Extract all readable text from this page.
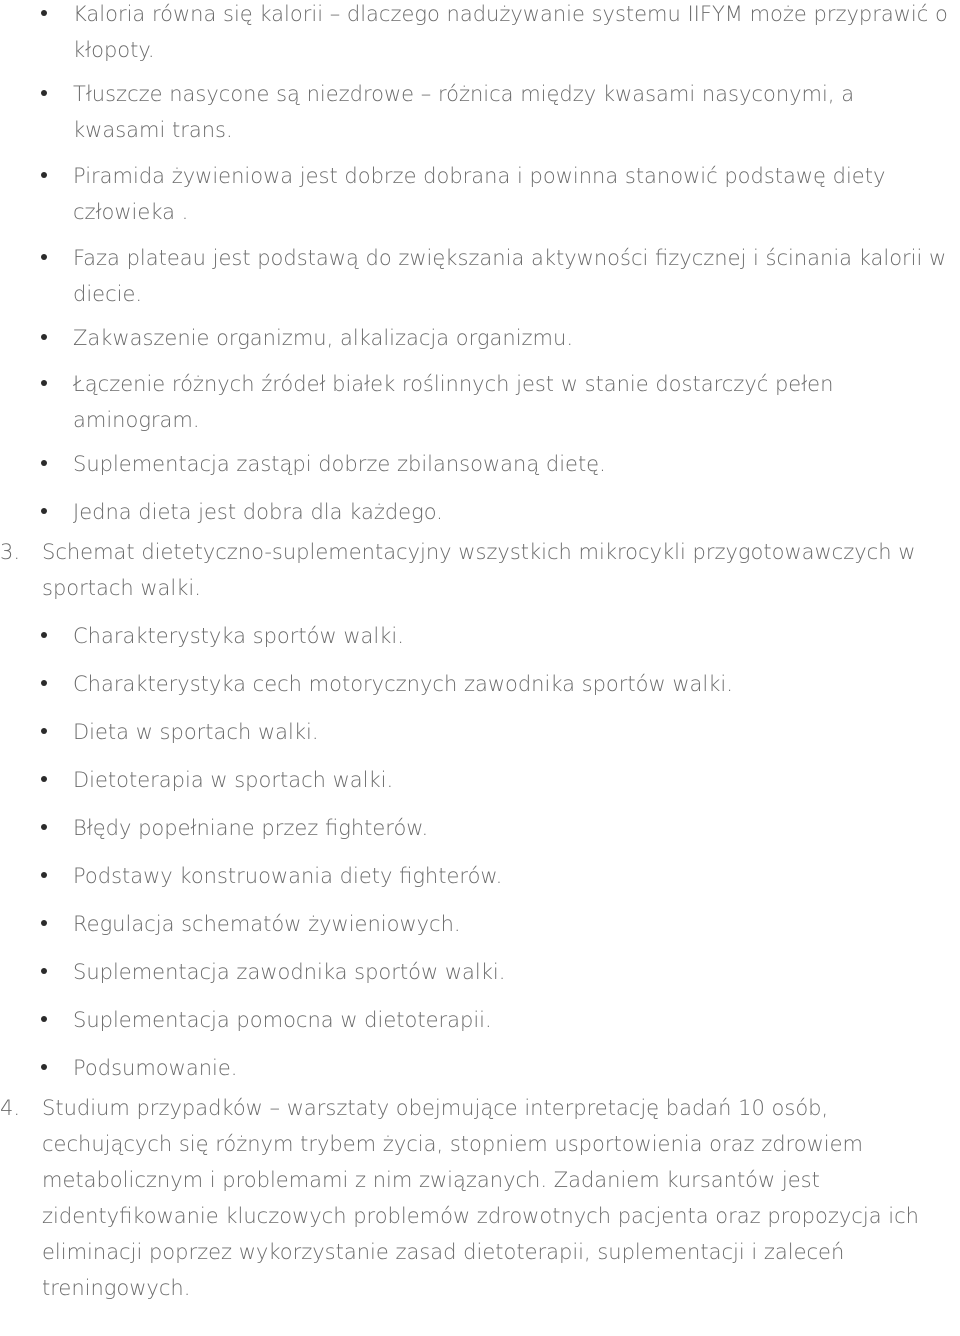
Kaloria równa się kalorii – dlaczego nadużywanie systemu IIFYM może przyprawić o kłopoty.
Tłuszcze nasycone są niezdrowe – różnica między kwasami nasyconymi, a kwasami trans.
Piramida żywieniowa jest dobrze dobrana i powinna stanowić podstawę diety człowieka .
Faza plateau jest podstawą do zwiększania aktywności fizycznej i ścinania kalorii w diecie.
Zakwaszenie organizmu, alkalizacja organizmu.
Łączenie różnych źródeł białek roślinnych jest w stanie dostarczyć pełen aminogram.
Suplementacja zastąpi dobrze zbilansowaną dietę.
Jedna dieta jest dobra dla każdego.
3. Schemat dietetyczno-suplementacyjny wszystkich mikrocykli przygotowawczych w sportach walki.
Charakterystyka sportów walki.
Charakterystyka cech motorycznych zawodnika sportów walki.
Dieta w sportach walki.
Dietoterapia w sportach walki.
Błędy popełniane przez fighterów.
Podstawy konstruowania diety fighterów.
Regulacja schematów żywieniowych.
Suplementacja zawodnika sportów walki.
Suplementacja pomocna w dietoterapii.
Podsumowanie.
4. Studium przypadków – warsztaty obejmujące interpretację badań 10 osób, cechujących się różnym trybem życia, stopniem usportowienia oraz zdrowiem metabolicznym i problemami z nim związanych. Zadaniem kursantów jest zidentyfikowanie kluczowych problemów zdrowotnych pacjenta oraz propozycja ich eliminacji poprzez wykorzystanie zasad dietoterapii, suplementacji i zaleceń treningowych.
